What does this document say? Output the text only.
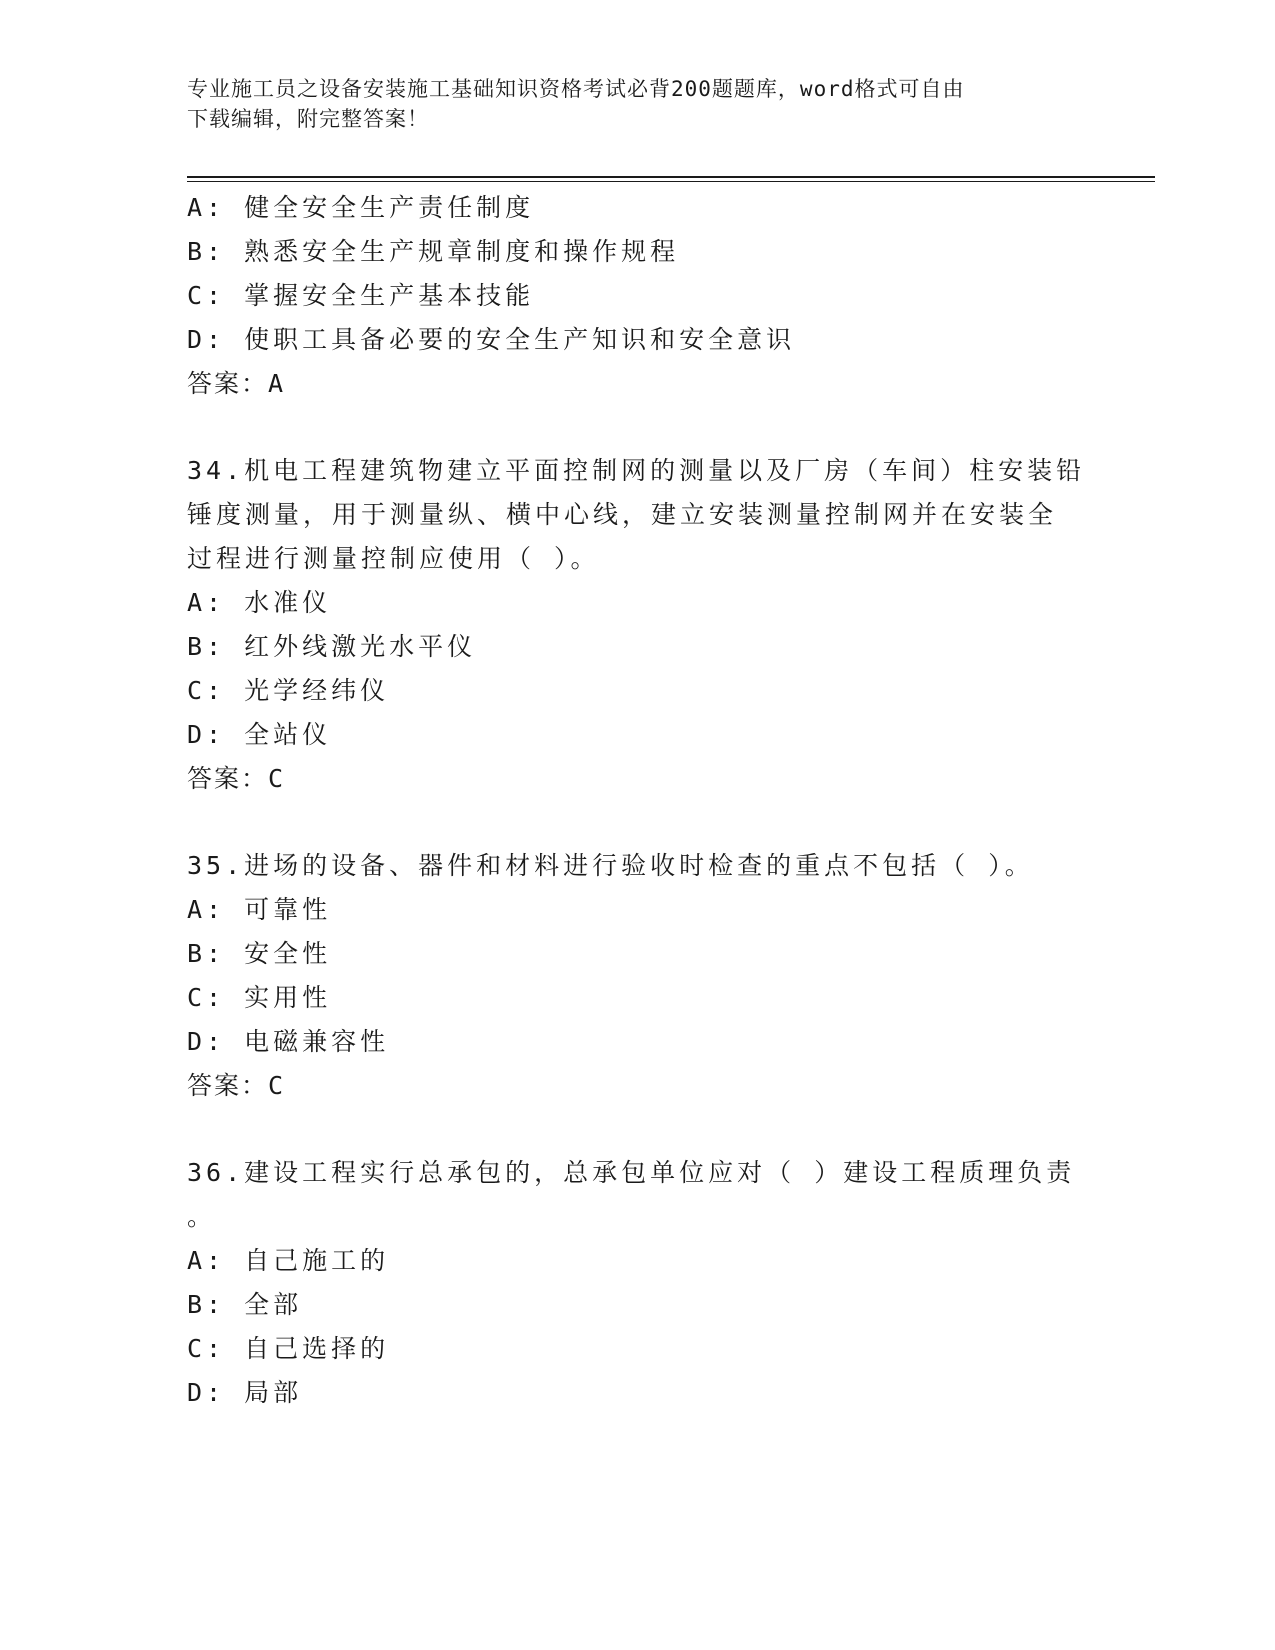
专业施工员之设备安装施工基础知识资格考试必背200题题库，word格式可自由
下载编辑，附完整答案！
A: 健全安全生产责任制度
B: 熟悉安全生产规章制度和操作规程
C: 掌握安全生产基本技能
D: 使职工具备必要的安全生产知识和安全意识
答案：A
34.机电工程建筑物建立平面控制网的测量以及厂房（车间）柱安装铅
锤度测量，用于测量纵、横中心线，建立安装测量控制网并在安装全
过程进行测量控制应使用（ ）。
A: 水准仪
B: 红外线激光水平仪
C: 光学经纬仪
D: 全站仪
答案：C
35.进场的设备、器件和材料进行验收时检查的重点不包括（ ）。
A: 可靠性
B: 安全性
C: 实用性
D: 电磁兼容性
答案：C
36.建设工程实行总承包的，总承包单位应对（ ）建设工程质理负责
。
A: 自己施工的
B: 全部
C: 自己选择的
D: 局部
